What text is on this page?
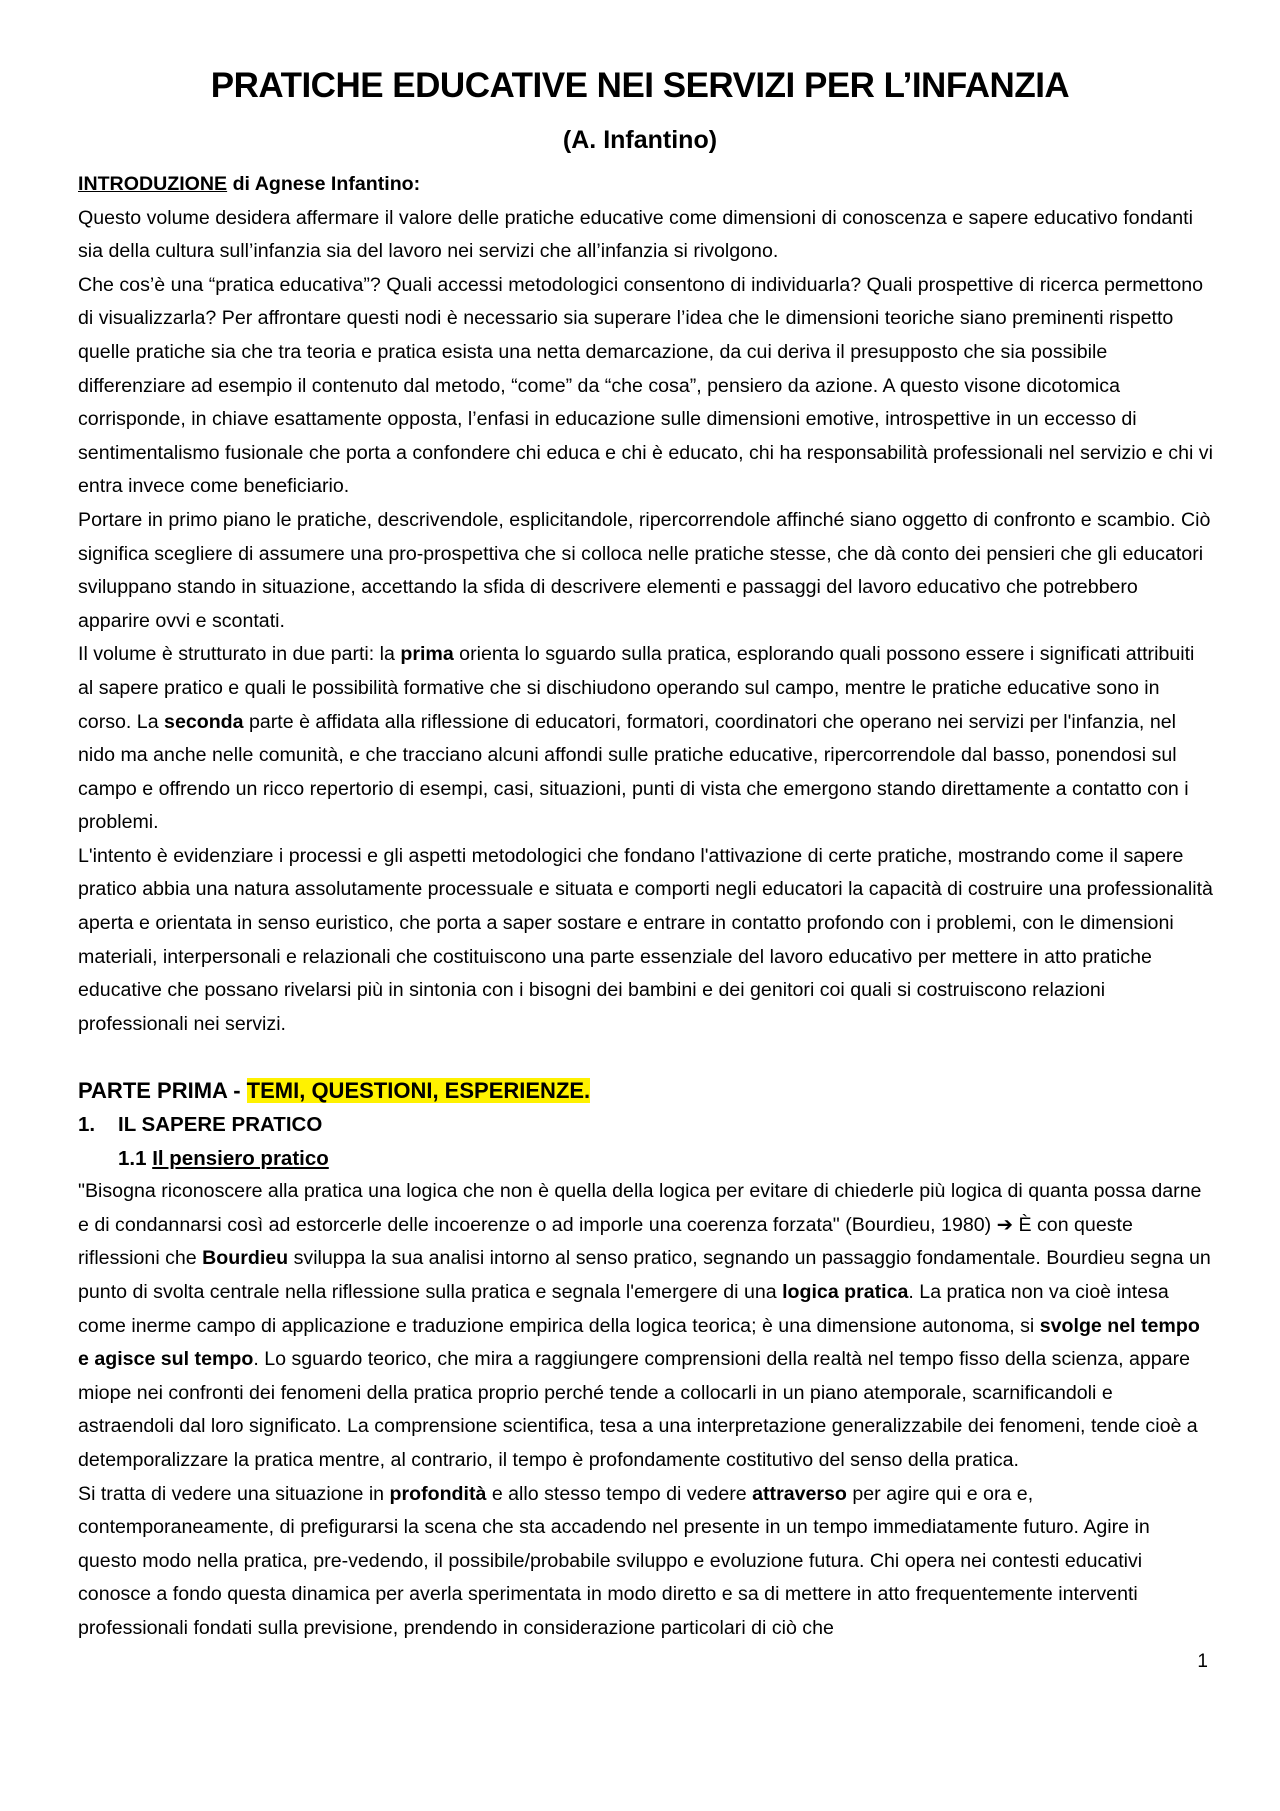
PRATICHE EDUCATIVE NEI SERVIZI PER L’INFANZIA
(A. Infantino)

INTRODUZIONE di Agnese Infantino:

Questo volume desidera affermare il valore delle pratiche educative come dimensioni di conoscenza e sapere educativo fondanti sia della cultura sull’infanzia sia del lavoro nei servizi che all’infanzia si rivolgono.

Che cos’è una “pratica educativa”? Quali accessi metodologici consentono di individuarla? Quali prospettive di ricerca permettono di visualizzarla? Per affrontare questi nodi è necessario sia superare l’idea che le dimensioni teoriche siano preminenti rispetto quelle pratiche sia che tra teoria e pratica esista una netta demarcazione, da cui deriva il presupposto che sia possibile differenziare ad esempio il contenuto dal metodo, “come” da “che cosa”, pensiero da azione. A questo visone dicotomica corrisponde, in chiave esattamente opposta, l’enfasi in educazione sulle dimensioni emotive, introspettive in un eccesso di sentimentalismo fusionale che porta a confondere chi educa e chi è educato, chi ha responsabilità professionali nel servizio e chi vi entra invece come beneficiario.

Portare in primo piano le pratiche, descrivendole, esplicitandole, ripercorrendole affinché siano oggetto di confronto e scambio. Ciò significa scegliere di assumere una pro-prospettiva che si colloca nelle pratiche stesse, che dà conto dei pensieri che gli educatori sviluppano stando in situazione, accettando la sfida di descrivere elementi e passaggi del lavoro educativo che potrebbero apparire ovvi e scontati.

Il volume è strutturato in due parti: la prima orienta lo sguardo sulla pratica, esplorando quali possono essere i significati attribuiti al sapere pratico e quali le possibilità formative che si dischiudono operando sul campo, mentre le pratiche educative sono in corso. La seconda parte è affidata alla riflessione di educatori, formatori, coordinatori che operano nei servizi per l'infanzia, nel nido ma anche nelle comunità, e che tracciano alcuni affondi sulle pratiche educative, ripercorrendole dal basso, ponendosi sul campo e offrendo un ricco repertorio di esempi, casi, situazioni, punti di vista che emergono stando direttamente a contatto con i problemi.

L'intento è evidenziare i processi e gli aspetti metodologici che fondano l'attivazione di certe pratiche, mostrando come il sapere pratico abbia una natura assolutamente processuale e situata e comporti negli educatori la capacità di costruire una professionalità aperta e orientata in senso euristico, che porta a saper sostare e entrare in contatto profondo con i problemi, con le dimensioni materiali, interpersonali e relazionali che costituiscono una parte essenziale del lavoro educativo per mettere in atto pratiche educative che possano rivelarsi più in sintonia con i bisogni dei bambini e dei genitori coi quali si costruiscono relazioni professionali nei servizi.

PARTE PRIMA - TEMI, QUESTIONI, ESPERIENZE.

1. IL SAPERE PRATICO

1.1 Il pensiero pratico

"Bisogna riconoscere alla pratica una logica che non è quella della logica per evitare di chiederle più logica di quanta possa darne e di condannarsi così ad estorcerle delle incoerenze o ad imporle una coerenza forzata" (Bourdieu, 1980) ➔ È con queste riflessioni che Bourdieu sviluppa la sua analisi intorno al senso pratico, segnando un passaggio fondamentale. Bourdieu segna un punto di svolta centrale nella riflessione sulla pratica e segnala l'emergere di una logica pratica. La pratica non va cioè intesa come inerme campo di applicazione e traduzione empirica della logica teorica; è una dimensione autonoma, si svolge nel tempo e agisce sul tempo. Lo sguardo teorico, che mira a raggiungere comprensioni della realtà nel tempo fisso della scienza, appare miope nei confronti dei fenomeni della pratica proprio perché tende a collocarli in un piano atemporale, scarnificandoli e astraendoli dal loro significato. La comprensione scientifica, tesa a una interpretazione generalizzabile dei fenomeni, tende cioè a detemporalizzare la pratica mentre, al contrario, il tempo è profondamente costitutivo del senso della pratica.

Si tratta di vedere una situazione in profondità e allo stesso tempo di vedere attraverso per agire qui e ora e, contemporaneamente, di prefigurarsi la scena che sta accadendo nel presente in un tempo immediatamente futuro. Agire in questo modo nella pratica, pre-vedendo, il possibile/probabile sviluppo e evoluzione futura. Chi opera nei contesti educativi conosce a fondo questa dinamica per averla sperimentata in modo diretto e sa di mettere in atto frequentemente interventi professionali fondati sulla previsione, prendendo in considerazione particolari di ciò che

1
